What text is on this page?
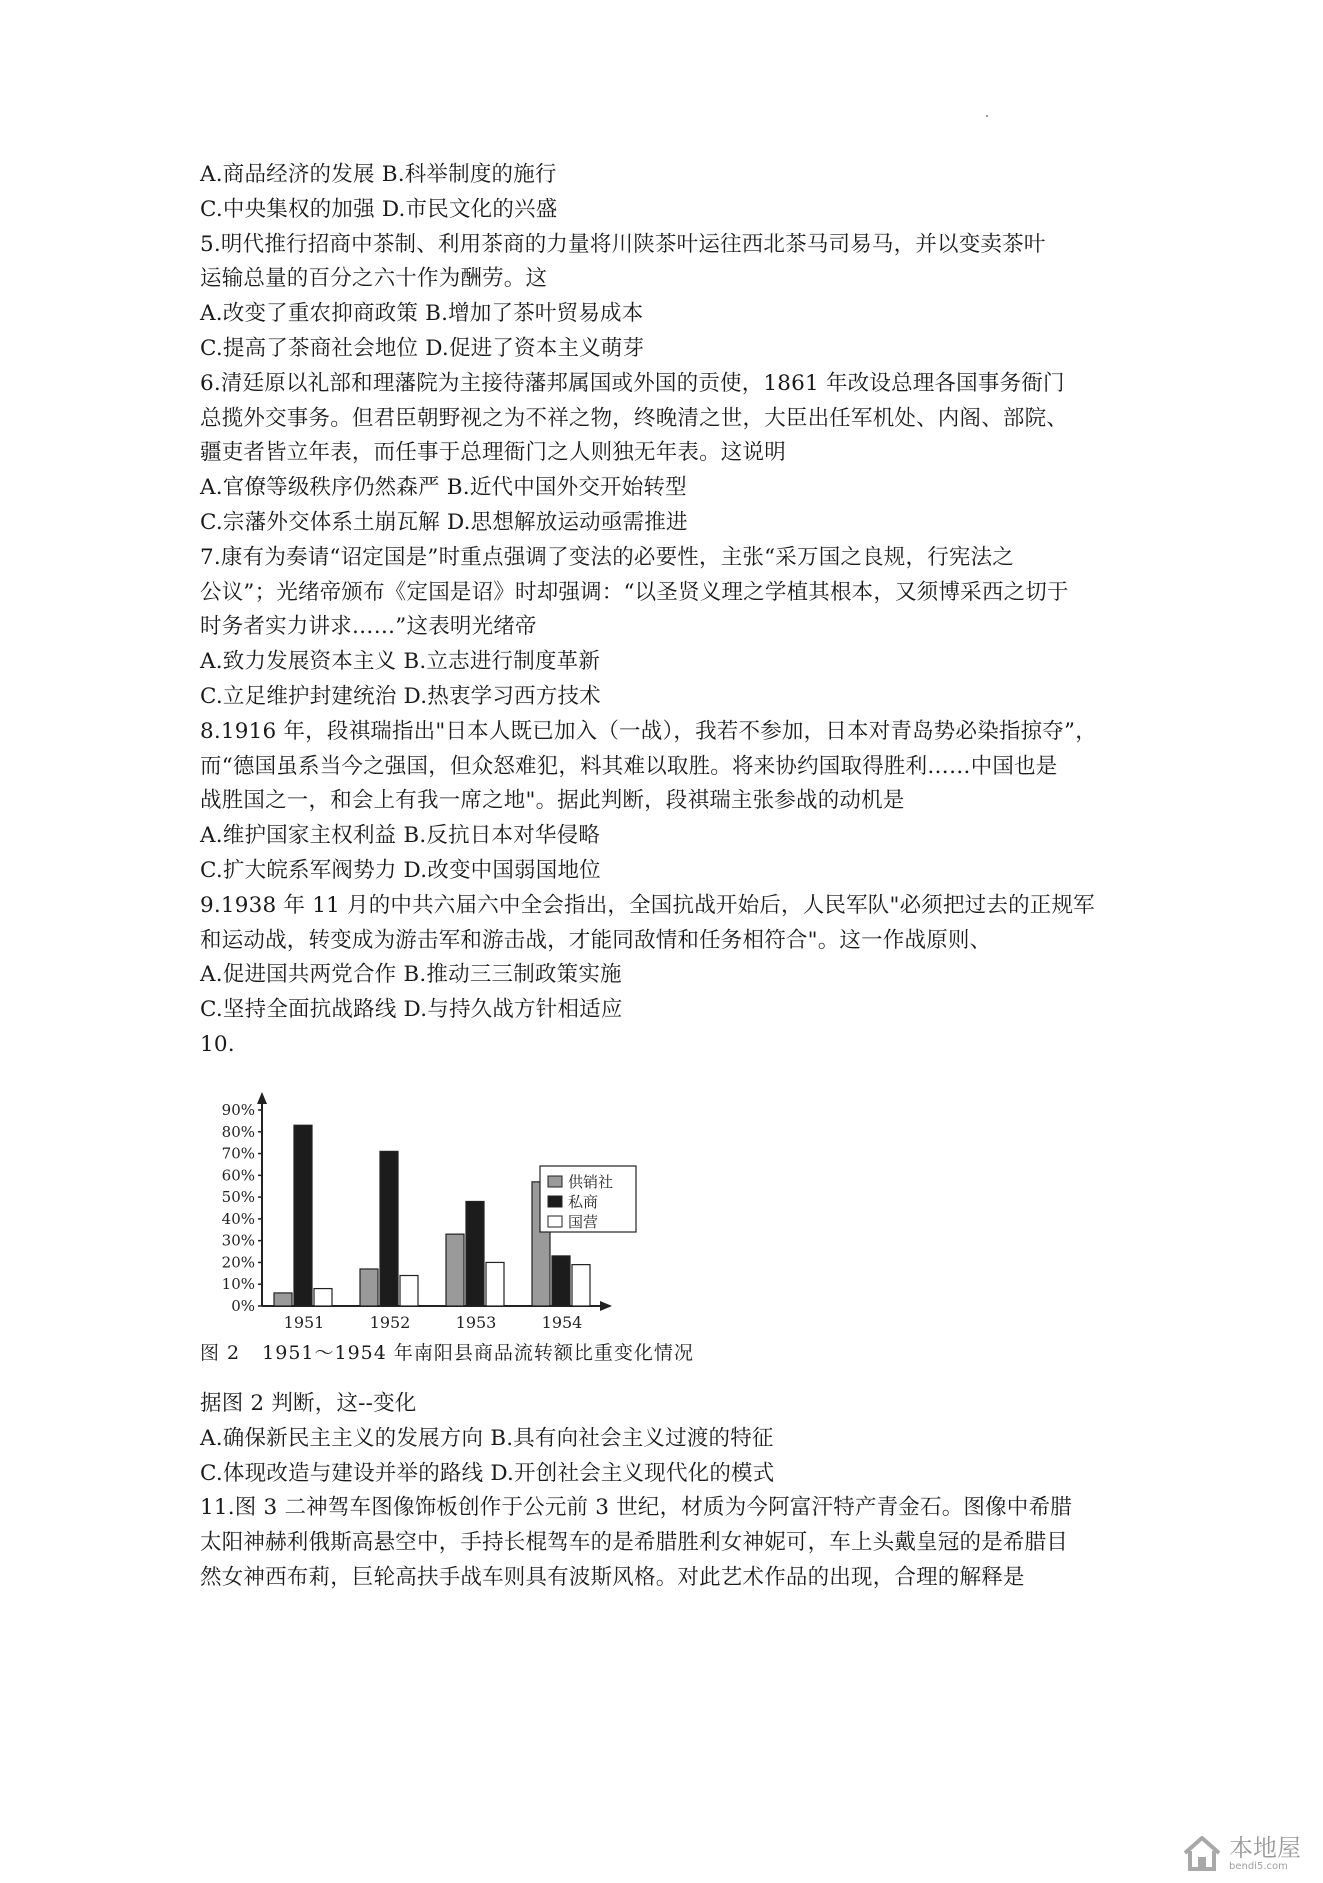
A.商品经济的发展 B.科举制度的施行
C.中央集权的加强 D.市民文化的兴盛
5.明代推行招商中茶制、利用茶商的力量将川陕茶叶运往西北茶马司易马，并以变卖茶叶
运输总量的百分之六十作为酬劳。这
A.改变了重农抑商政策 B.增加了茶叶贸易成本
C.提高了茶商社会地位 D.促进了资本主义萌芽
6.清廷原以礼部和理藩院为主接待藩邦属国或外国的贡使，1861 年改设总理各国事务衙门
总揽外交事务。但君臣朝野视之为不祥之物，终晚清之世，大臣出任军机处、内阁、部院、
疆吏者皆立年表，而任事于总理衙门之人则独无年表。这说明
A.官僚等级秩序仍然森严 B.近代中国外交开始转型
C.宗藩外交体系土崩瓦解 D.思想解放运动亟需推进
7.康有为奏请“诏定国是”时重点强调了变法的必要性，主张“采万国之良规，行宪法之
公议”；光绪帝颁布《定国是诏》时却强调：“以圣贤义理之学植其根本，又须博采西之切于
时务者实力讲求……”这表明光绪帝
A.致力发展资本主义 B.立志进行制度革新
C.立足维护封建统治 D.热衷学习西方技术
8.1916 年，段祺瑞指出"日本人既已加入（一战），我若不参加，日本对青岛势必染指掠夺”，
而“德国虽系当今之强国，但众怒难犯，料其难以取胜。将来协约国取得胜利……中国也是
战胜国之一，和会上有我一席之地"。据此判断，段祺瑞主张参战的动机是
A.维护国家主权利益 B.反抗日本对华侵略
C.扩大皖系军阀势力 D.改变中国弱国地位
9.1938 年 11 月的中共六届六中全会指出，全国抗战开始后，人民军队"必须把过去的正规军
和运动战，转变成为游击军和游击战，才能同敌情和任务相符合"。这一作战原则、
A.促进国共两党合作 B.推动三三制政策实施
C.坚持全面抗战路线 D.与持久战方针相适应
10.
0%
10%
20%
30%
40%
50%
60%
70%
80%
90%
1951	1952	1953	1954
供销社
私商
国营
图 2 1951～1954 年南阳县商品流转额比重变化情况
据图 2 判断，这--变化
A.确保新民主主义的发展方向 B.具有向社会主义过渡的特征
C.体现改造与建设并举的路线 D.开创社会主义现代化的模式
11.图 3 二神驾车图像饰板创作于公元前 3 世纪，材质为今阿富汗特产青金石。图像中希腊
太阳神赫利俄斯高悬空中，手持长棍驾车的是希腊胜利女神妮可，车上头戴皇冠的是希腊目
然女神西布莉，巨轮高扶手战车则具有波斯风格。对此艺术作品的出现，合理的解释是
本地屋
bendi5.com
